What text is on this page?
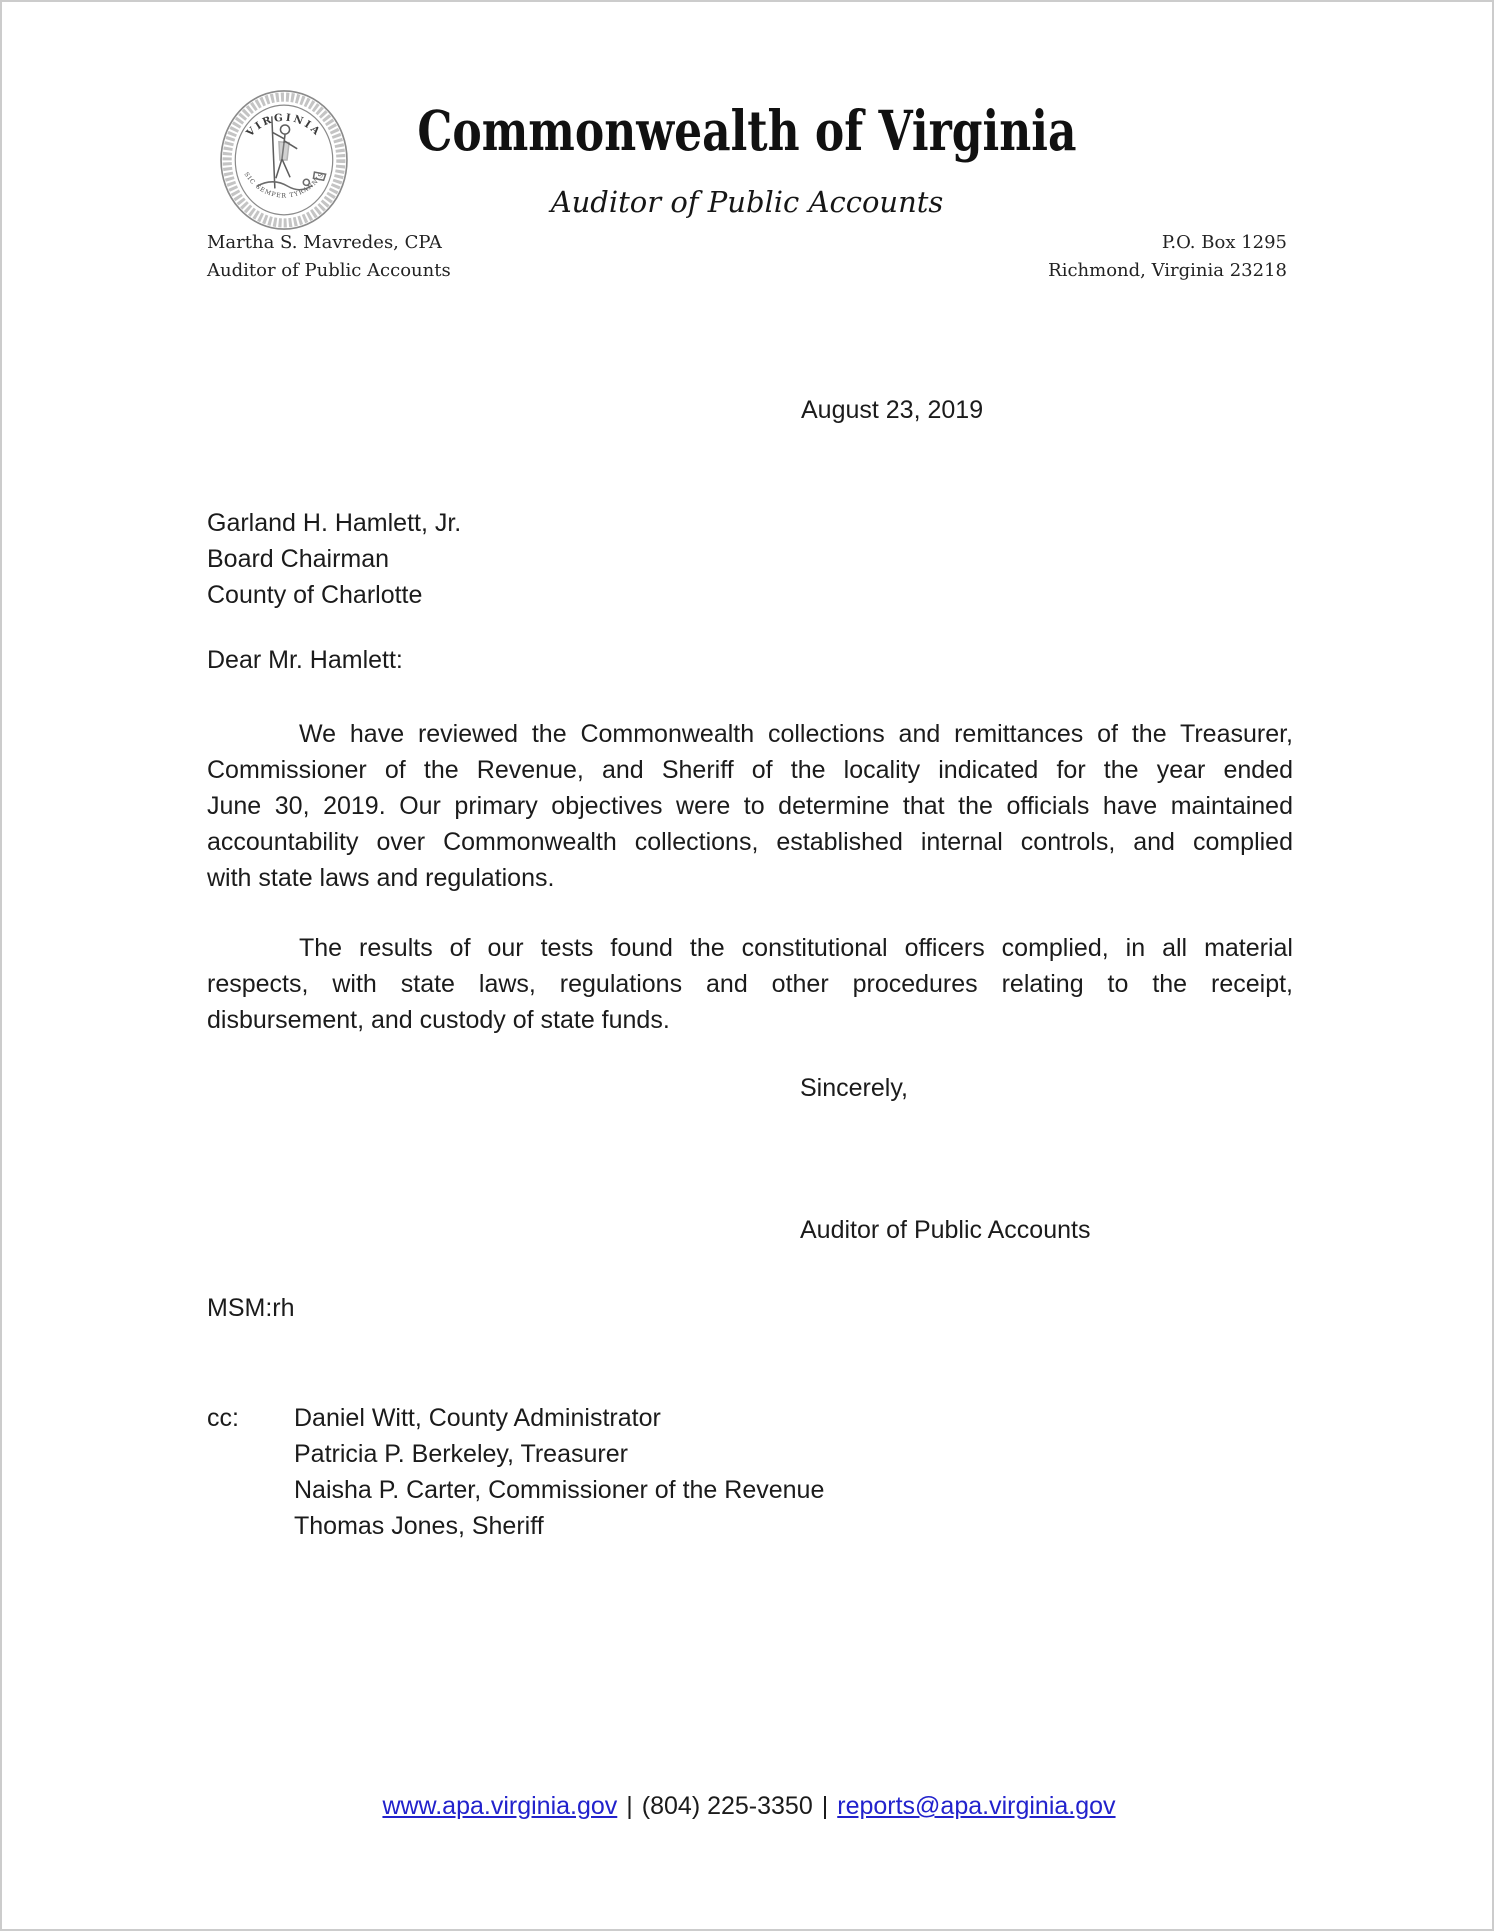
VIRGINIA
SIC SEMPER TYRANNIS
Commonwealth of Virginia
Auditor of Public Accounts
Martha S. Mavredes, CPA
Auditor of Public Accounts
P.O. Box 1295
Richmond, Virginia 23218
August 23, 2019
Garland H. Hamlett, Jr.
Board Chairman
County of Charlotte
Dear Mr. Hamlett:
We have reviewed the Commonwealth collections and remittances of the Treasurer,
Commissioner of the Revenue, and Sheriff of the locality indicated for the year ended
June 30, 2019. Our primary objectives were to determine that the officials have maintained
accountability over Commonwealth collections, established internal controls, and complied
with state laws and regulations.
The results of our tests found the constitutional officers complied, in all material
respects, with state laws, regulations and other procedures relating to the receipt,
disbursement, and custody of state funds.
Sincerely,
Auditor of Public Accounts
MSM:rh
cc: Daniel Witt, County Administrator
Patricia P. Berkeley, Treasurer
Naisha P. Carter, Commissioner of the Revenue
Thomas Jones, Sheriff
www.apa.virginia.gov | (804) 225-3350 | reports@apa.virginia.gov
